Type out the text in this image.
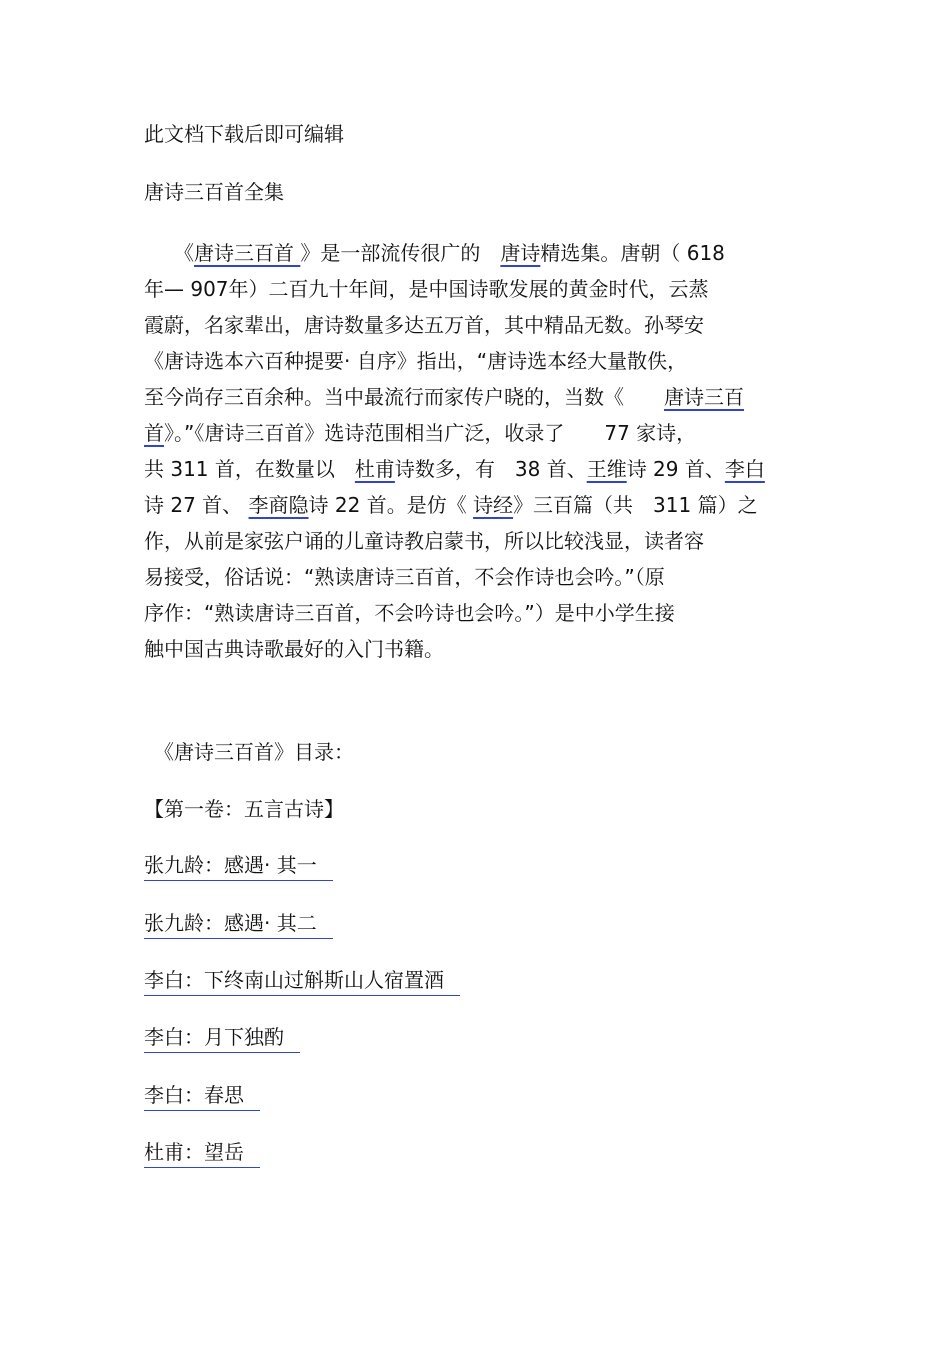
此文档下载后即可编辑
唐诗三百首全集
　　《唐诗三百首 》是一部流传很广的　唐诗精选集。唐朝（ 618
年— 907年）二百九十年间，是中国诗歌发展的黄金时代，云蒸
霞蔚，名家辈出，唐诗数量多达五万首，其中精品无数。孙琴安
《唐诗选本六百种提要· 自序》指出，“唐诗选本经大量散佚，
至今尚存三百余种。当中最流行而家传户晓的，当数《　　唐诗三百
首》。”《唐诗三百首》选诗范围相当广泛，收录了　　77 家诗，
共 311 首，在数量以　杜甫诗数多，有　38 首、王维诗 29 首、李白
诗 27 首、 李商隐诗 22 首。是仿《 诗经》三百篇（共　311 篇）之
作，从前是家弦户诵的儿童诗教启蒙书，所以比较浅显，读者容
易接受，俗话说：“熟读唐诗三百首，不会作诗也会吟。”（原
序作：“熟读唐诗三百首，不会吟诗也会吟。”）是中小学生接
触中国古典诗歌最好的入门书籍。
　《唐诗三百首》目录：
【第一卷：五言古诗】
张九龄：感遇· 其一
张九龄：感遇· 其二
李白：下终南山过斛斯山人宿置酒
李白：月下独酌
李白：春思
杜甫：望岳
